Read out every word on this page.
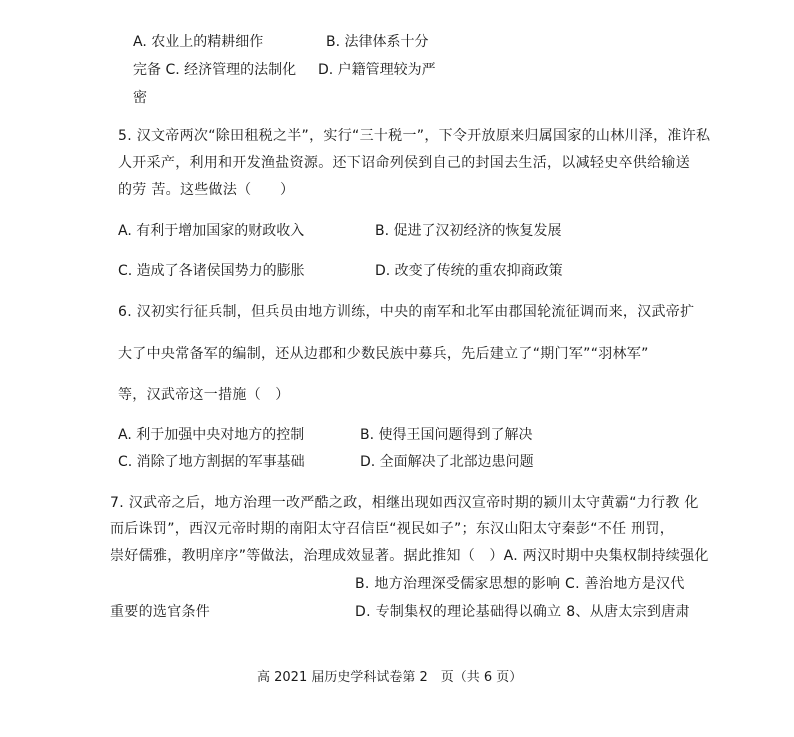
A. 农业上的精耕细作	B. 法律体系十分
完备 C. 经济管理的法制化 D. 户籍管理较为严
密
5. 汉文帝两次“除田租税之半”，实行“三十税一”，下令开放原来归属国家的山林川泽，准许私
人开采产，利用和开发渔盐资源。还下诏命列侯到自己的封国去生活，以减轻史卒供给输送
的劳 苦。这些做法（　　）
A. 有利于增加国家的财政收入	B. 促进了汉初经济的恢复发展
C. 造成了各诸侯国势力的膨胀	D. 改变了传统的重农抑商政策
6. 汉初实行征兵制，但兵员由地方训练，中央的南军和北军由郡国轮流征调而来，汉武帝扩
大了中央常备军的编制，还从边郡和少数民族中募兵，先后建立了“期门军”“羽林军”
等，汉武帝这一措施（　）
A. 利于加强中央对地方的控制	B. 使得王国问题得到了解决
C. 消除了地方割据的军事基础	D. 全面解决了北部边患问题
7. 汉武帝之后，地方治理一改严酷之政，相继出现如西汉宣帝时期的颍川太守黄霸“力行教 化
而后诛罚”，西汉元帝时期的南阳太守召信臣“视民如子”；东汉山阳太守秦彭“不任 刑罚，
崇好儒雅，教明庠序”等做法，治理成效显著。据此推知（　）A. 两汉时期中央集权制持续强化
B. 地方治理深受儒家思想的影响 C. 善治地方是汉代
重要的选官条件	D. 专制集权的理论基础得以确立 8、从唐太宗到唐肃
高 2021 届历史学科试卷第 2　页（共 6 页）
